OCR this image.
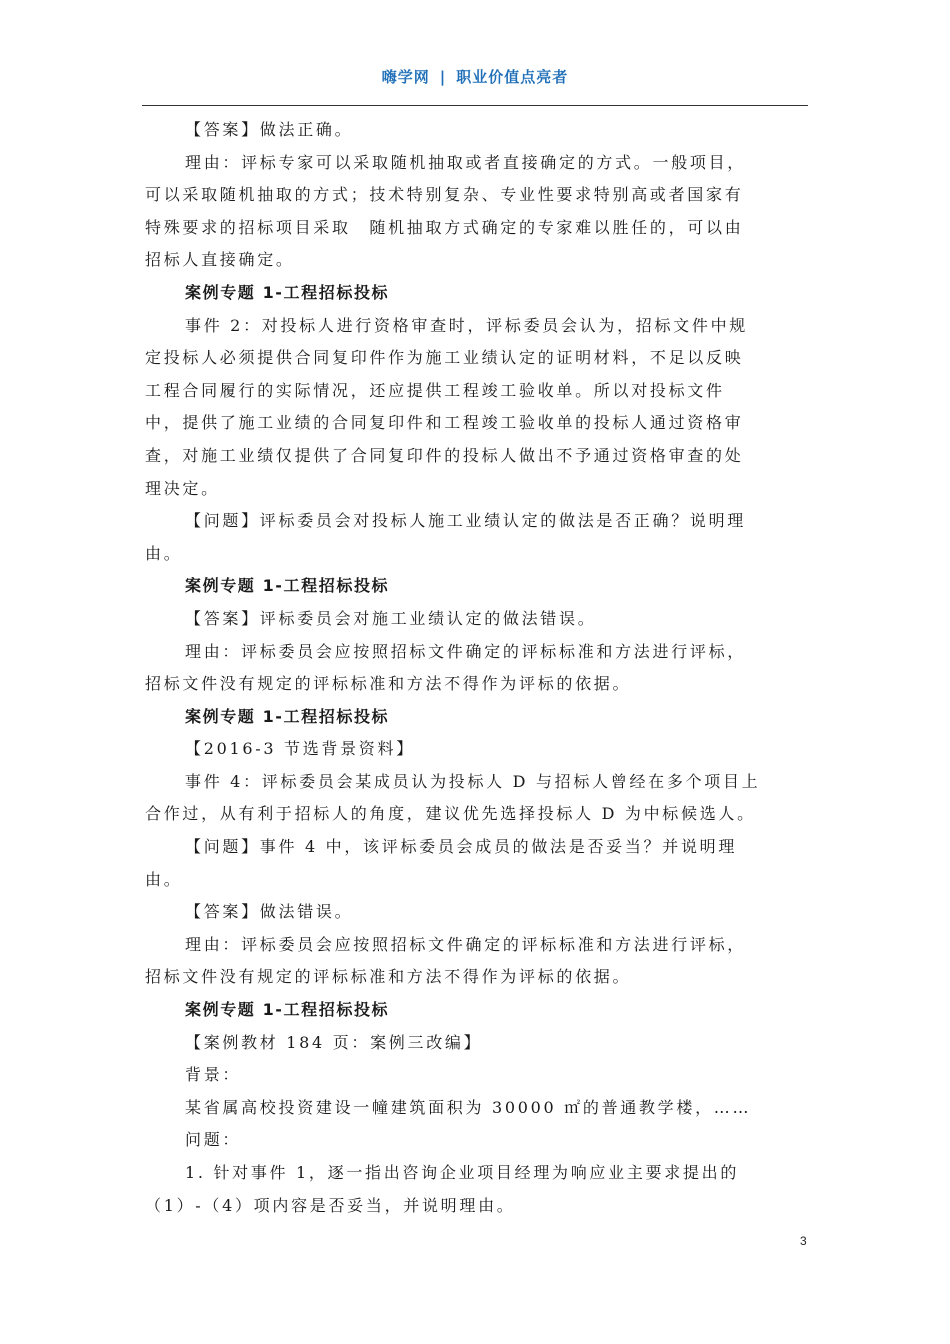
嗨学网 | 职业价值点亮者
【答案】做法正确。
理由：评标专家可以采取随机抽取或者直接确定的方式。一般项目，
可以采取随机抽取的方式；技术特别复杂、专业性要求特别高或者国家有
特殊要求的招标项目采取　随机抽取方式确定的专家难以胜任的，可以由
招标人直接确定。
案例专题 1-工程招标投标
事件 2：对投标人进行资格审查时，评标委员会认为，招标文件中规
定投标人必须提供合同复印件作为施工业绩认定的证明材料，不足以反映
工程合同履行的实际情况，还应提供工程竣工验收单。所以对投标文件
中，提供了施工业绩的合同复印件和工程竣工验收单的投标人通过资格审
查，对施工业绩仅提供了合同复印件的投标人做出不予通过资格审查的处
理决定。
【问题】评标委员会对投标人施工业绩认定的做法是否正确？说明理
由。
案例专题 1-工程招标投标
【答案】评标委员会对施工业绩认定的做法错误。
理由：评标委员会应按照招标文件确定的评标标准和方法进行评标，
招标文件没有规定的评标标准和方法不得作为评标的依据。
案例专题 1-工程招标投标
【2016-3 节选背景资料】
事件 4：评标委员会某成员认为投标人 D 与招标人曾经在多个项目上
合作过，从有利于招标人的角度，建议优先选择投标人 D 为中标候选人。
【问题】事件 4 中，该评标委员会成员的做法是否妥当？并说明理
由。
【答案】做法错误。
理由：评标委员会应按照招标文件确定的评标标准和方法进行评标，
招标文件没有规定的评标标准和方法不得作为评标的依据。
案例专题 1-工程招标投标
【案例教材 184 页：案例三改编】
背景：
某省属高校投资建设一幢建筑面积为 30000 ㎡的普通教学楼，……
问题：
1. 针对事件 1，逐一指出咨询企业项目经理为响应业主要求提出的
（1）-（4）项内容是否妥当，并说明理由。
3
